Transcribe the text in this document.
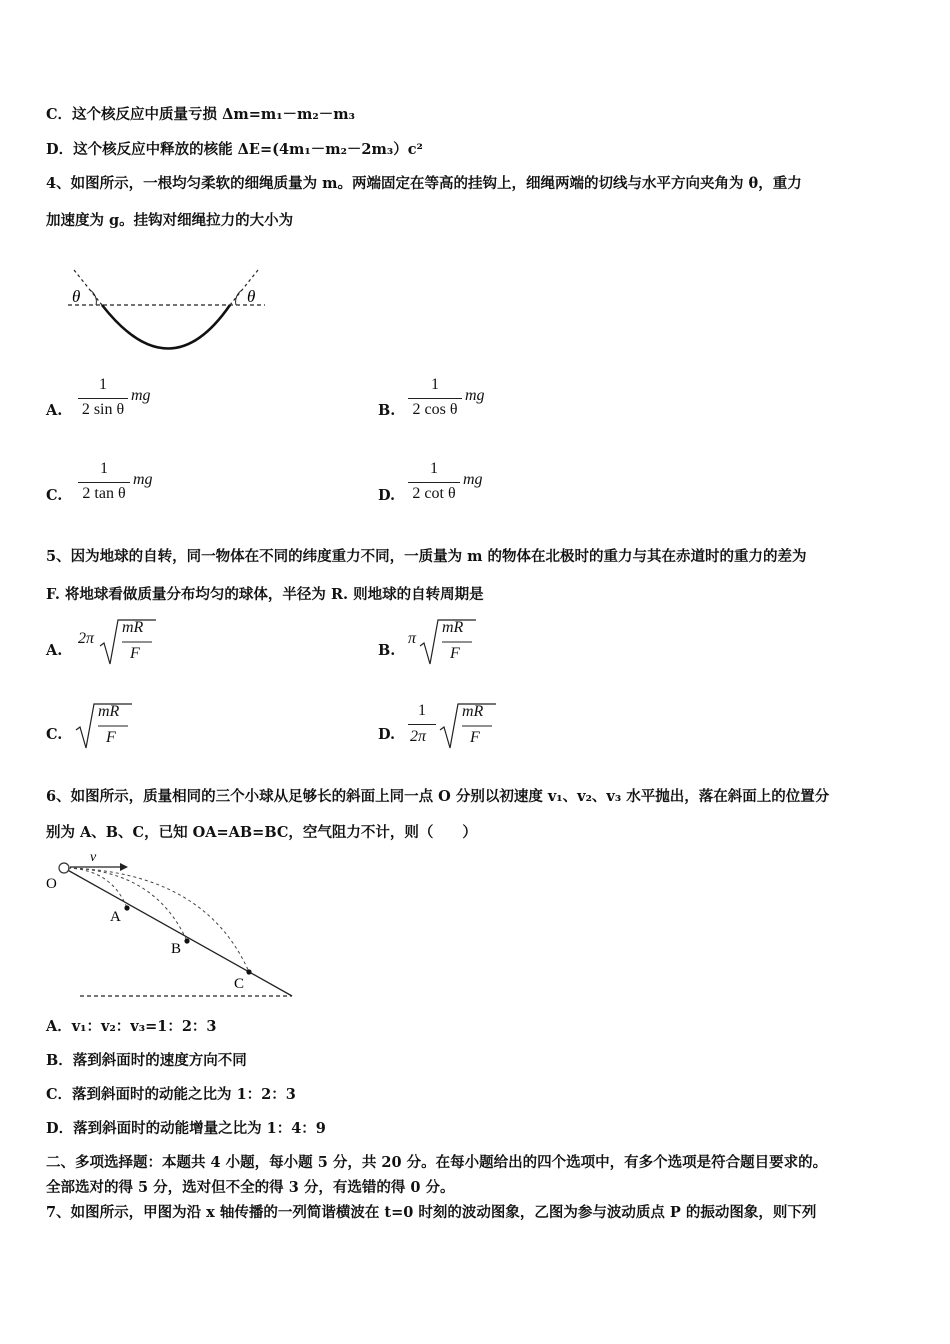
C．这个核反应中质量亏损 Δm=m₁－m₂－m₃
D．这个核反应中释放的核能 ΔE=(4m₁－m₂－2m₃）c²
4、如图所示，一根均匀柔软的细绳质量为 m。两端固定在等高的挂钩上，细绳两端的切线与水平方向夹角为 θ，重力
加速度为 g。挂钩对细绳拉力的大小为
θ	θ
A.
1
2 sin θ
mg
B.
1
2 cos θ
mg
C.
1
2 tan θ
mg
D.
1
2 cot θ
mg
5、因为地球的自转，同一物体在不同的纬度重力不同，一质量为 m 的物体在北极时的重力与其在赤道时的重力的差为
F. 将地球看做质量分布均匀的球体，半径为 R. 则地球的自转周期是
A.
2π
mR
F	B.
π
mR
F
C.
mR
F	D.
1
2π
mR
F
6、如图所示，质量相同的三个小球从足够长的斜面上同一点 O 分别以初速度 v₁、v₂、v₃ 水平抛出，落在斜面上的位置分
别为 A、B、C，已知 OA=AB=BC，空气阻力不计，则（　　）
v
O
A
B
C
A．v₁：v₂：v₃=1：2：3
B．落到斜面时的速度方向不同
C．落到斜面时的动能之比为 1：2：3
D．落到斜面时的动能增量之比为 1：4：9
二、多项选择题：本题共 4 小题，每小题 5 分，共 20 分。在每小题给出的四个选项中，有多个选项是符合题目要求的。
全部选对的得 5 分，选对但不全的得 3 分，有选错的得 0 分。
7、如图所示，甲图为沿 x 轴传播的一列简谐横波在 t=0 时刻的波动图象，乙图为参与波动质点 P 的振动图象，则下列
